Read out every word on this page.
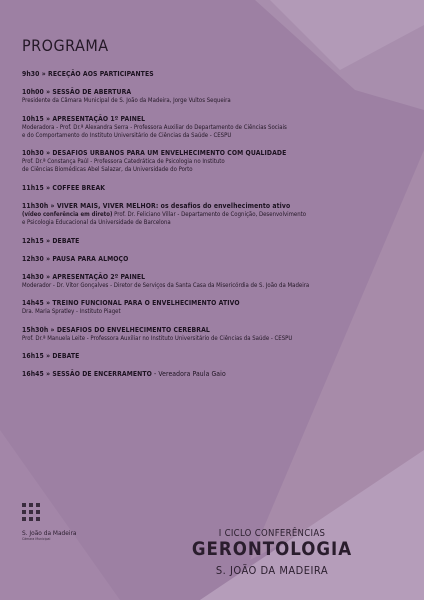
PROGRAMA
9h30 » RECEÇÃO AOS PARTICIPANTES
10h00 » SESSÃO DE ABERTURA
Presidente da Câmara Municipal de S. João da Madeira, Jorge Vultos Sequeira
10h15 » APRESENTAÇÃO 1º PAINEL
Moderadora - Prof. Dr.ª Alexandra Serra - Professora Auxiliar do Departamento de Ciências Sociais
e do Comportamento do Instituto Universitário de Ciências da Saúde - CESPU
10h30 » DESAFIOS URBANOS PARA UM ENVELHECIMENTO COM QUALIDADE
Prof. Dr.ª Constança Paúl - Professora Catedrática de Psicologia no Instituto
de Ciências Biomédicas Abel Salazar, da Universidade do Porto
11h15 » COFFEE BREAK
11h30h » VIVER MAIS, VIVER MELHOR: os desafios do envelhecimento ativo
(vídeo conferência em direto) Prof. Dr. Feliciano Villar - Departamento de Cognição, Desenvolvimento
e Psicologia Educacional da Universidade de Barcelona
12h15 » DEBATE
12h30 » PAUSA PARA ALMOÇO
14h30 » APRESENTAÇÃO 2º PAINEL
Moderador - Dr. Vítor Gonçalves - Diretor de Serviços da Santa Casa da Misericórdia de S. João da Madeira
14h45 » TREINO FUNCIONAL PARA O ENVELHECIMENTO ATIVO
Dra. Maria Spratley - Instituto Piaget
15h30h » DESAFIOS DO ENVELHECIMENTO CEREBRAL
Prof. Dr.ª Manuela Leite - Professora Auxiliar no Instituto Universitário de Ciências da Saúde - CESPU
16h15 » DEBATE
16h45 » SESSÃO DE ENCERRAMENTO - Vereadora Paula Gaio
S. João da Madeira
Câmara Municipal	I CICLO CONFERÊNCIAS
GERONTOLOGIA
S. JOÃO DA MADEIRA
